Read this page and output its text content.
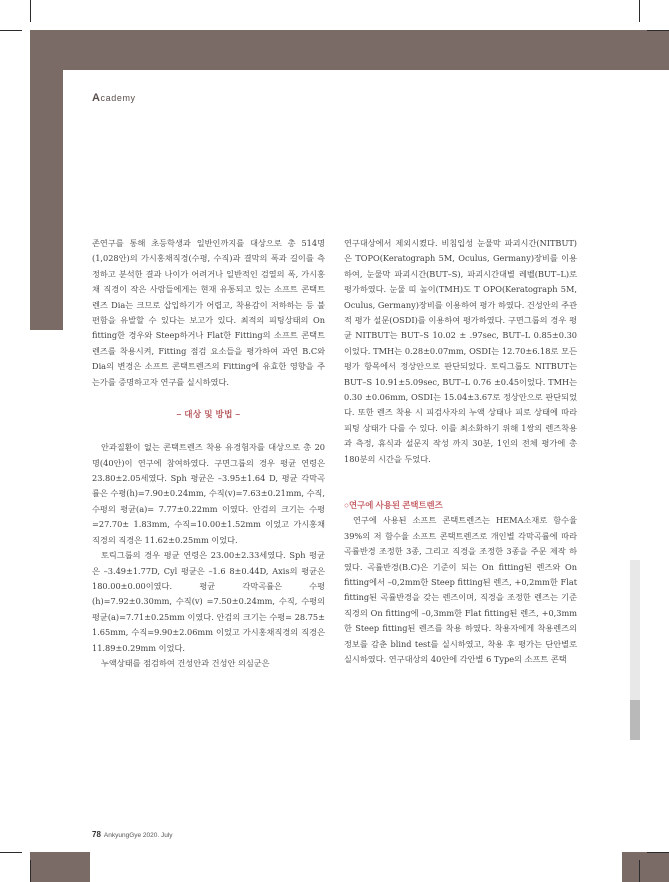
Academy

존연구를 통해 초등학생과 일반인까지를 대상으로 총 514명(1,028안)의 가시홍채직경(수평, 수직)과 결막의 폭과 길이를 측정하고 분석한 결과 나이가 어려거나 일반적인 검열의 폭, 가시홍채 직경이 작은 사람들에게는 현재 유통되고 있는 소프트 콘택트렌즈 Dia는 크므로 삽입하기가 어렵고, 착용감이 저하하는 등 불편함을 유발할 수 있다는 보고가 있다. 최적의 피팅상태의 On fitting한 경우와 Steep하거나 Flat한 Fitting의 소프트 콘택트렌즈를 착용시켜, Fitting 점검 요소들을 평가하여 과연 B.C와 Dia의 변경은 소프트 콘택트렌즈의 Fitting에 유효한 영향을 주는가를 증명하고자 연구를 실시하였다.

– 대상 및 방법 –

안과질환이 없는 콘택트렌즈 착용 유경험자를 대상으로 총 20명(40안)이 연구에 참여하였다. 구면그룹의 경우 평균 연령은 23.80±2.05세였다. Sph 평균은 –3.95±1.64 D, 평균 각막곡률은 수평(h)=7.90±0.24mm, 수직(v)=7.63±0.21mm, 수직, 수평의 평균(a)= 7.77±0.22mm 이였다. 안검의 크기는 수평=27.70± 1.83mm, 수직=10.00±1.52mm 이었고 가시홍채직경의 직경은 11.62±0.25mm 이었다.

토릭그룹의 경우 평균 연령은 23.00±2.33세였다. Sph 평균은 –3.49±1.77D, Cyl 평균은 –1.6 8±0.44D, Axis의 평균은 180.00±0.00이였다. 평균 각막곡률은 수평(h)=7.92±0.30mm, 수직(v) =7.50±0.24mm, 수직, 수평의 평균(a)=7.71±0.25mm 이였다. 안검의 크기는 수평= 28.75± 1.65mm, 수직=9.90±2.06mm 이었고 가시홍채직경의 직경은 11.89±0.29mm 이었다.

누액상태를 점검하여 건성안과 건성안 의심군은

연구대상에서 제외시켰다. 비침입성 눈물막 파괴시간(NITBUT)은 TOPO(Keratograph 5M, Oculus, Germany)장비를 이용하여, 눈물막 파괴시간(BUT–S), 파괴시간대별 레벨(BUT–L)로 평가하였다. 눈물 띠 높이(TMH)도 T OPO(Keratograph 5M, Oculus, Germany)장비를 이용하여 평가 하였다. 건성안의 주관적 평가 설문(OSDI)를 이용하여 평가하였다. 구면그룹의 경우 평균 NITBUT는 BUT–S 10.02 ± .97sec, BUT–L 0.85±0.30이었다. TMH는 0.28±0.07mm, OSDI는 12.70±6.18로 모든 평가 항목에서 정상안으로 판단되었다. 토릭그룹도 NITBUT는 BUT–S 10.91±5.09sec, BUT–L 0.76 ±0.45이었다. TMH는 0.30 ±0.06mm, OSDI는 15.04±3.67로 정상안으로 판단되었다. 또한 렌즈 착용 시 피검사자의 누액 상태나 피로 상태에 따라 피팅 상태가 다를 수 있다. 이를 최소화하기 위해 1쌍의 렌즈착용과 측정, 휴식과 설문지 작성 까지 30분, 1인의 전체 평가에 총 180분의 시간을 두었다.

○연구에 사용된 콘택트렌즈

연구에 사용된 소프트 콘택트렌즈는 HEMA소재로 함수율 39%의 저 함수율 소프트 콘택트렌즈로 개인별 각막곡률에 따라 곡률반경 조정한 3종, 그리고 직경을 조정한 3종을 주문 제작 하였다. 곡률반경(B.C)은 기준이 되는 On fitting된 렌즈와 On fitting에서 –0,2mm한 Steep fitting된 렌즈, +0,2mm한 Flat fitting된 곡률반경을 갖는 렌즈이며, 직경을 조정한 렌즈는 기준직경의 On fitting에 –0,3mm한 Flat fitting된 렌즈, +0,3mm한 Steep fitting된 렌즈를 착용 하였다. 착용자에게 착용렌즈의 정보를 감춘 blind test를 실시하였고, 착용 후 평가는 단안별로 실시하였다. 연구대상의 40안에 각안별 6 Type의 소프트 콘택

78 AnkyungGye 2020. July
